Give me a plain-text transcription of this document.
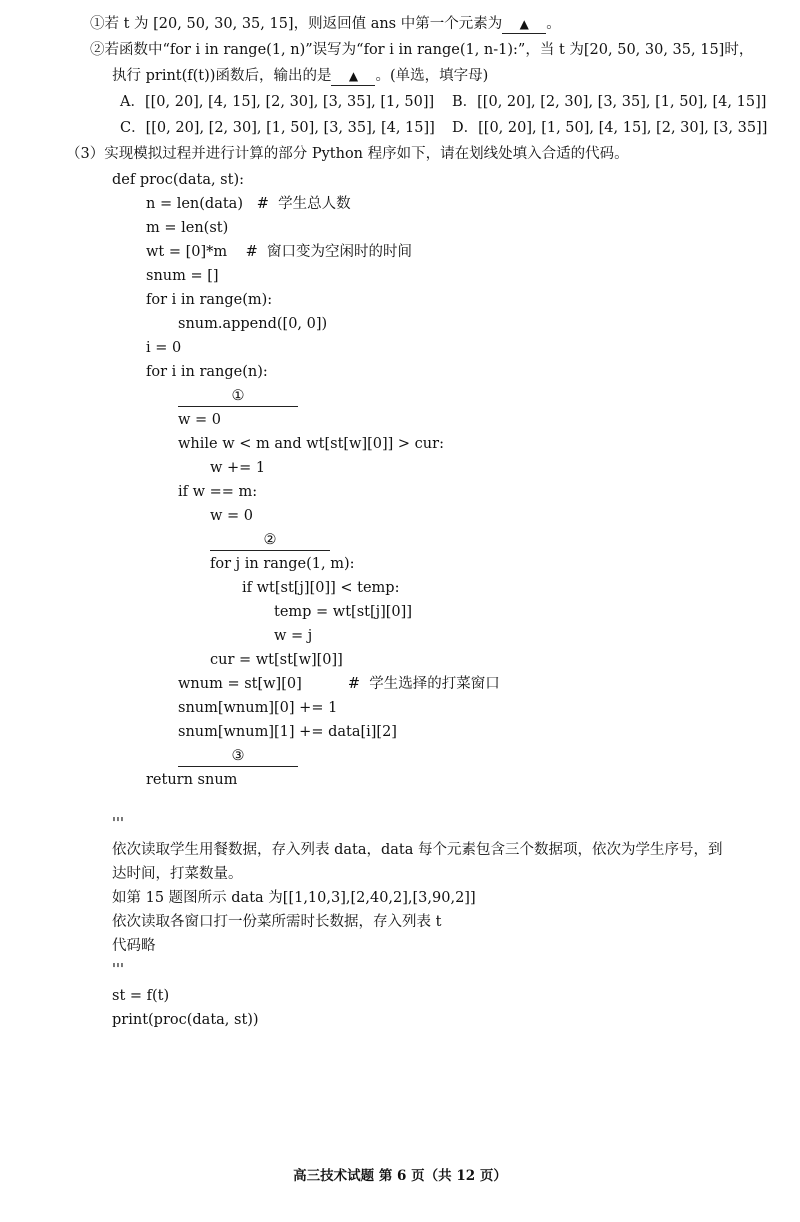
①若 t 为 [20, 50, 30, 35, 15]，则返回值 ans 中第一个元素为 ▲ 。
②若函数中“for i in range(1, n)”误写为“for i in range(1, n-1):”，当 t 为[20, 50, 30, 35, 15]时，
执行 print(f(t))函数后，输出的是 ▲ 。(单选，填字母)
A．[[0, 20], [4, 15], [2, 30], [3, 35], [1, 50]] B．[[0, 20], [2, 30], [3, 35], [1, 50], [4, 15]]
C．[[0, 20], [2, 30], [1, 50], [3, 35], [4, 15]] D．[[0, 20], [1, 50], [4, 15], [2, 30], [3, 35]]
（3）实现模拟过程并进行计算的部分 Python 程序如下，请在划线处填入合适的代码。
def proc(data, st):
n = len(data)   #  学生总人数
m = len(st)
wt = [0]*m    #  窗口变为空闲时的时间
snum = []
for i in range(m):
snum.append([0, 0])
i = 0
for i in range(n):
①
w = 0
while w < m and wt[st[w][0]] > cur:
w += 1
if w == m:
w = 0
②
for j in range(1, m):
if wt[st[j][0]] < temp:
temp = wt[st[j][0]]
w = j
cur = wt[st[w][0]]
wnum = st[w][0]          #  学生选择的打菜窗口
snum[wnum][0] += 1
snum[wnum][1] += data[i][2]
③
return snum
'''
依次读取学生用餐数据，存入列表 data，data 每个元素包含三个数据项，依次为学生序号，到
达时间，打菜数量。
如第 15 题图所示 data 为[[1,10,3],[2,40,2],[3,90,2]]
依次读取各窗口打一份菜所需时长数据，存入列表 t
代码略
'''
st = f(t)
print(proc(data, st))
高三技术试题 第 6 页（共 12 页）
